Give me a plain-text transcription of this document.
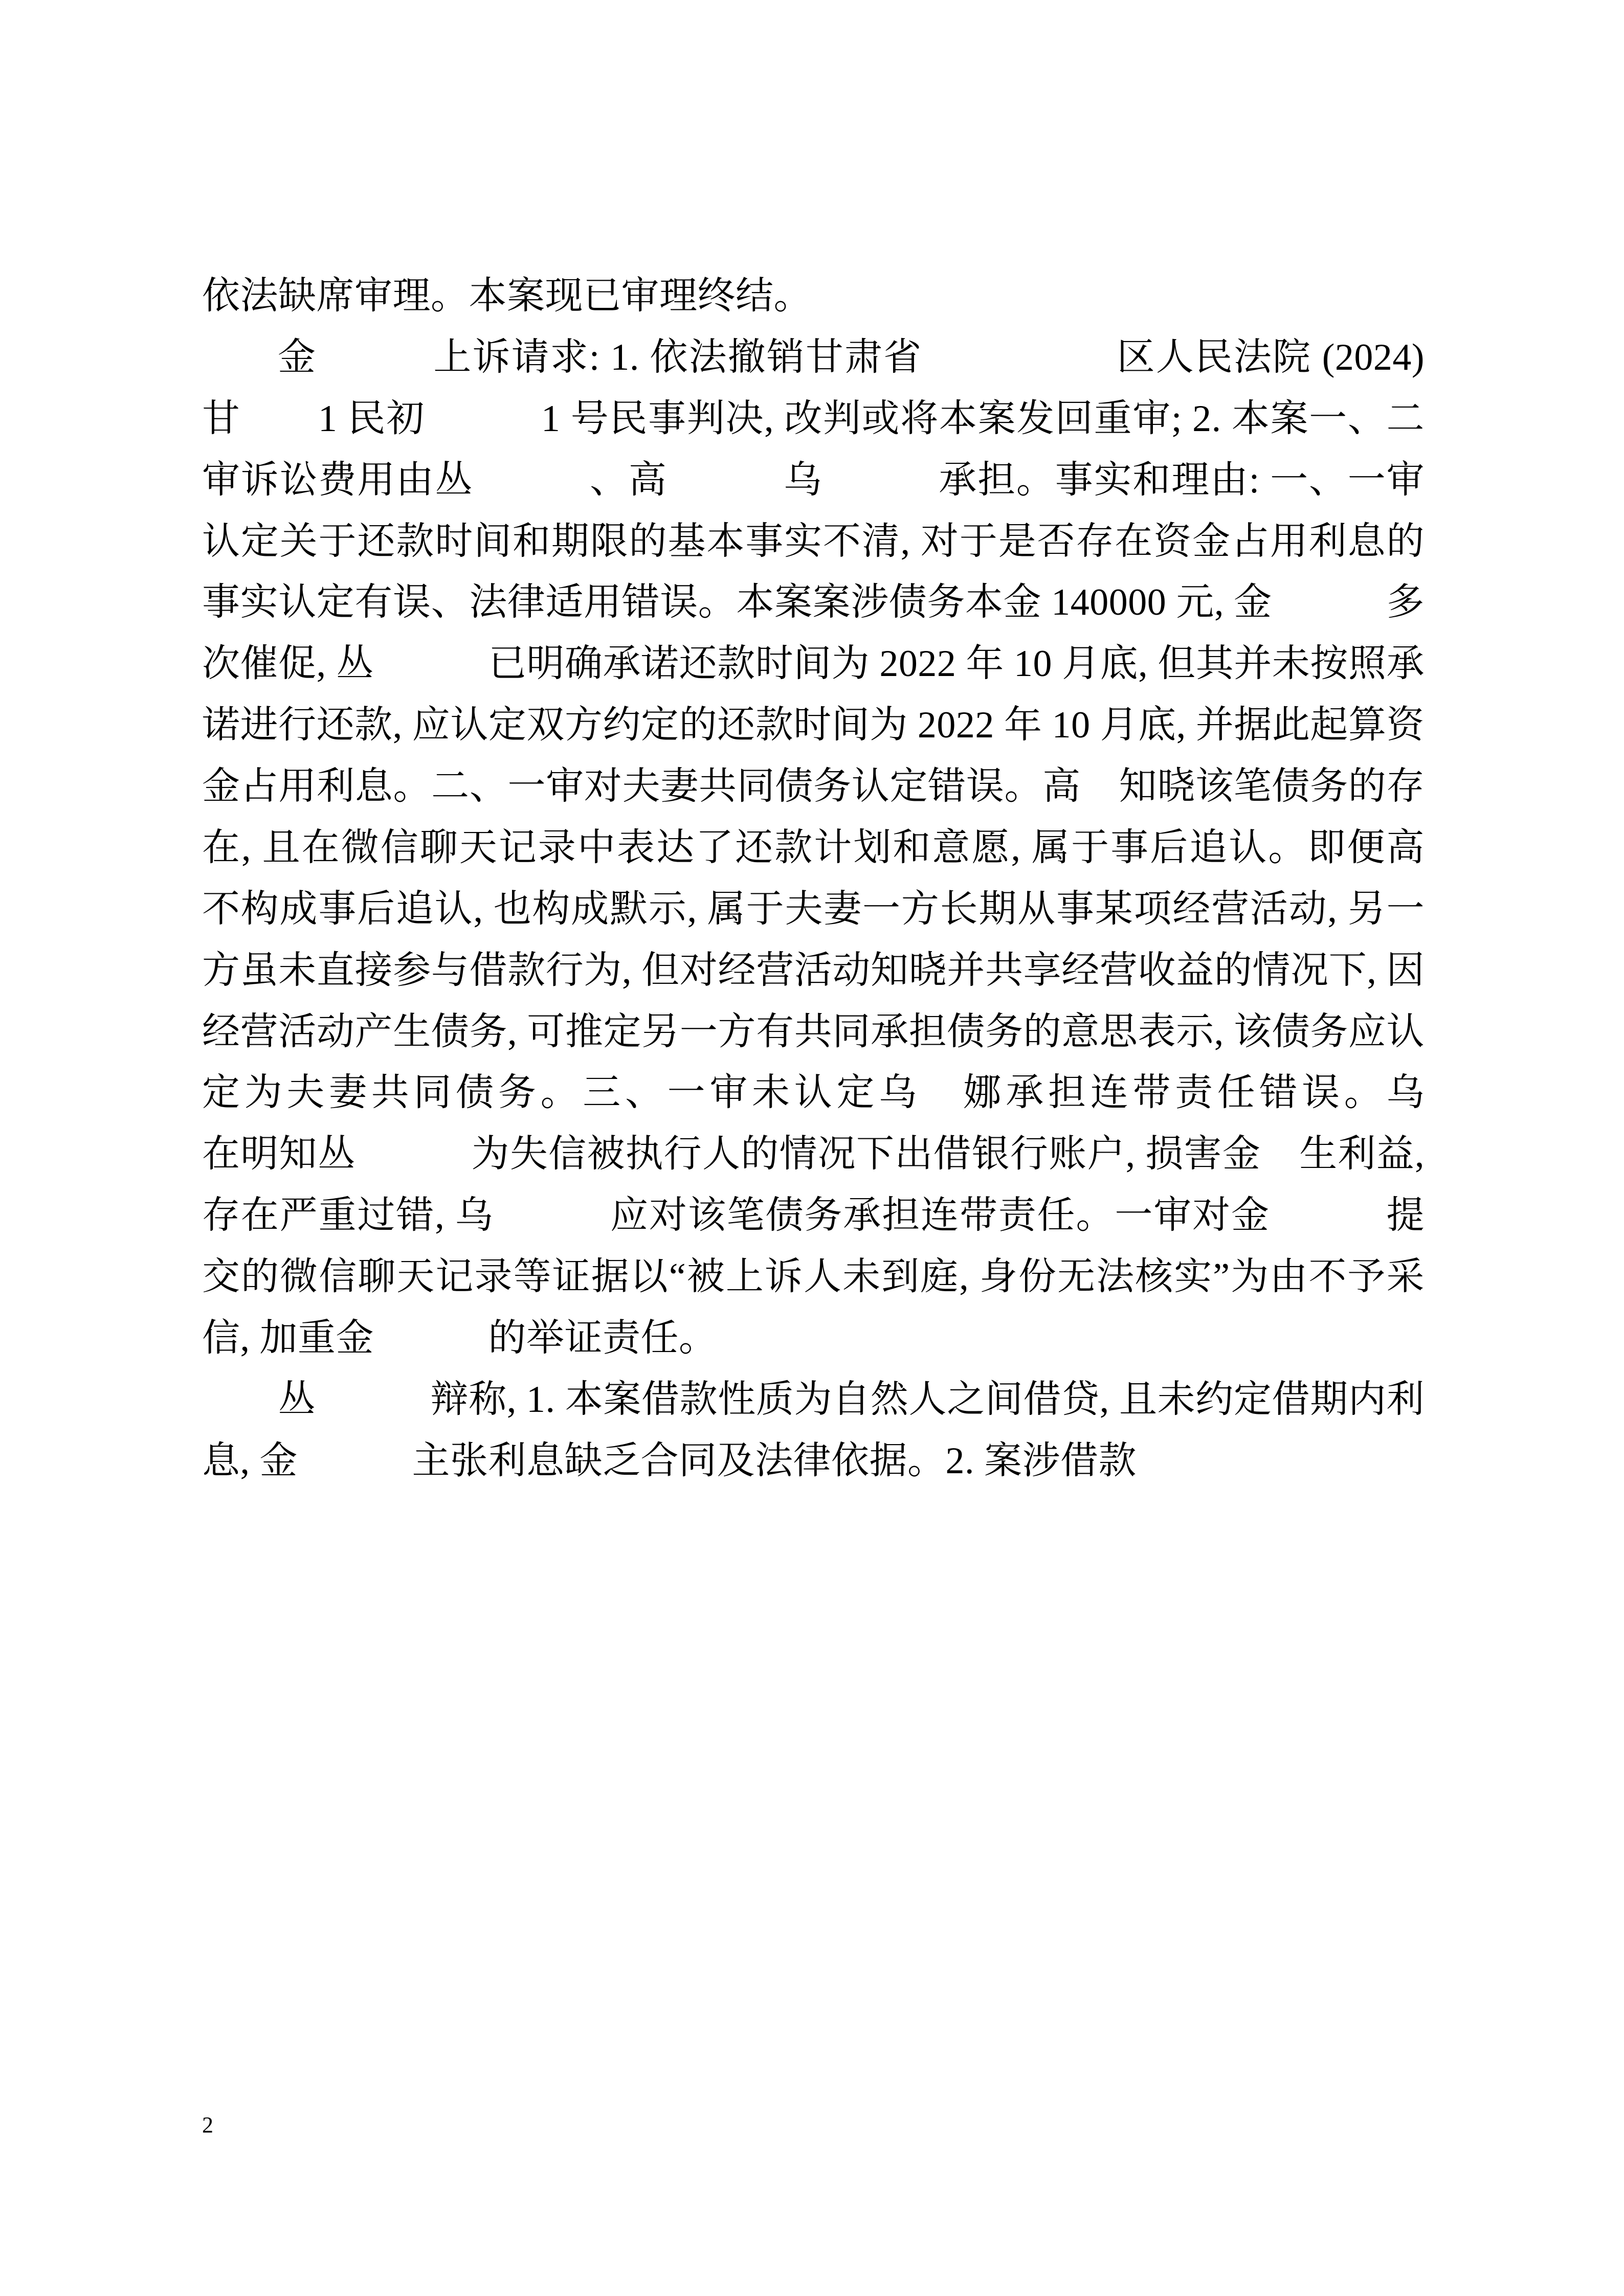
依法缺席审理。本案现已审理终结。

金　　　上诉请求: 1. 依法撤销甘肃省　　　　　区人民法院 (2024) 甘　　1 民初　　　1 号民事判决, 改判或将本案发回重审; 2. 本案一、二审诉讼费用由丛　　　、高　　　乌　　　承担。事实和理由: 一、一审认定关于还款时间和期限的基本事实不清, 对于是否存在资金占用利息的事实认定有误、法律适用错误。本案案涉债务本金 140000 元, 金　　　多次催促, 丛　　　已明确承诺还款时间为 2022 年 10 月底, 但其并未按照承诺进行还款, 应认定双方约定的还款时间为 2022 年 10 月底, 并据此起算资金占用利息。二、一审对夫妻共同债务认定错误。高　知晓该笔债务的存在, 且在微信聊天记录中表达了还款计划和意愿, 属于事后追认。即便高　不构成事后追认, 也构成默示, 属于夫妻一方长期从事某项经营活动, 另一方虽未直接参与借款行为, 但对经营活动知晓并共享经营收益的情况下, 因经营活动产生债务, 可推定另一方有共同承担债务的意思表示, 该债务应认定为夫妻共同债务。三、一审未认定乌　娜承担连带责任错误。乌　　　在明知丛　　　为失信被执行人的情况下出借银行账户, 损害金　生利益, 存在严重过错, 乌　　　应对该笔债务承担连带责任。一审对金　　　提交的微信聊天记录等证据以“被上诉人未到庭, 身份无法核实”为由不予采信, 加重金　　　的举证责任。

丛　　　辩称, 1. 本案借款性质为自然人之间借贷, 且未约定借期内利息, 金　　　主张利息缺乏合同及法律依据。2. 案涉借款

2
